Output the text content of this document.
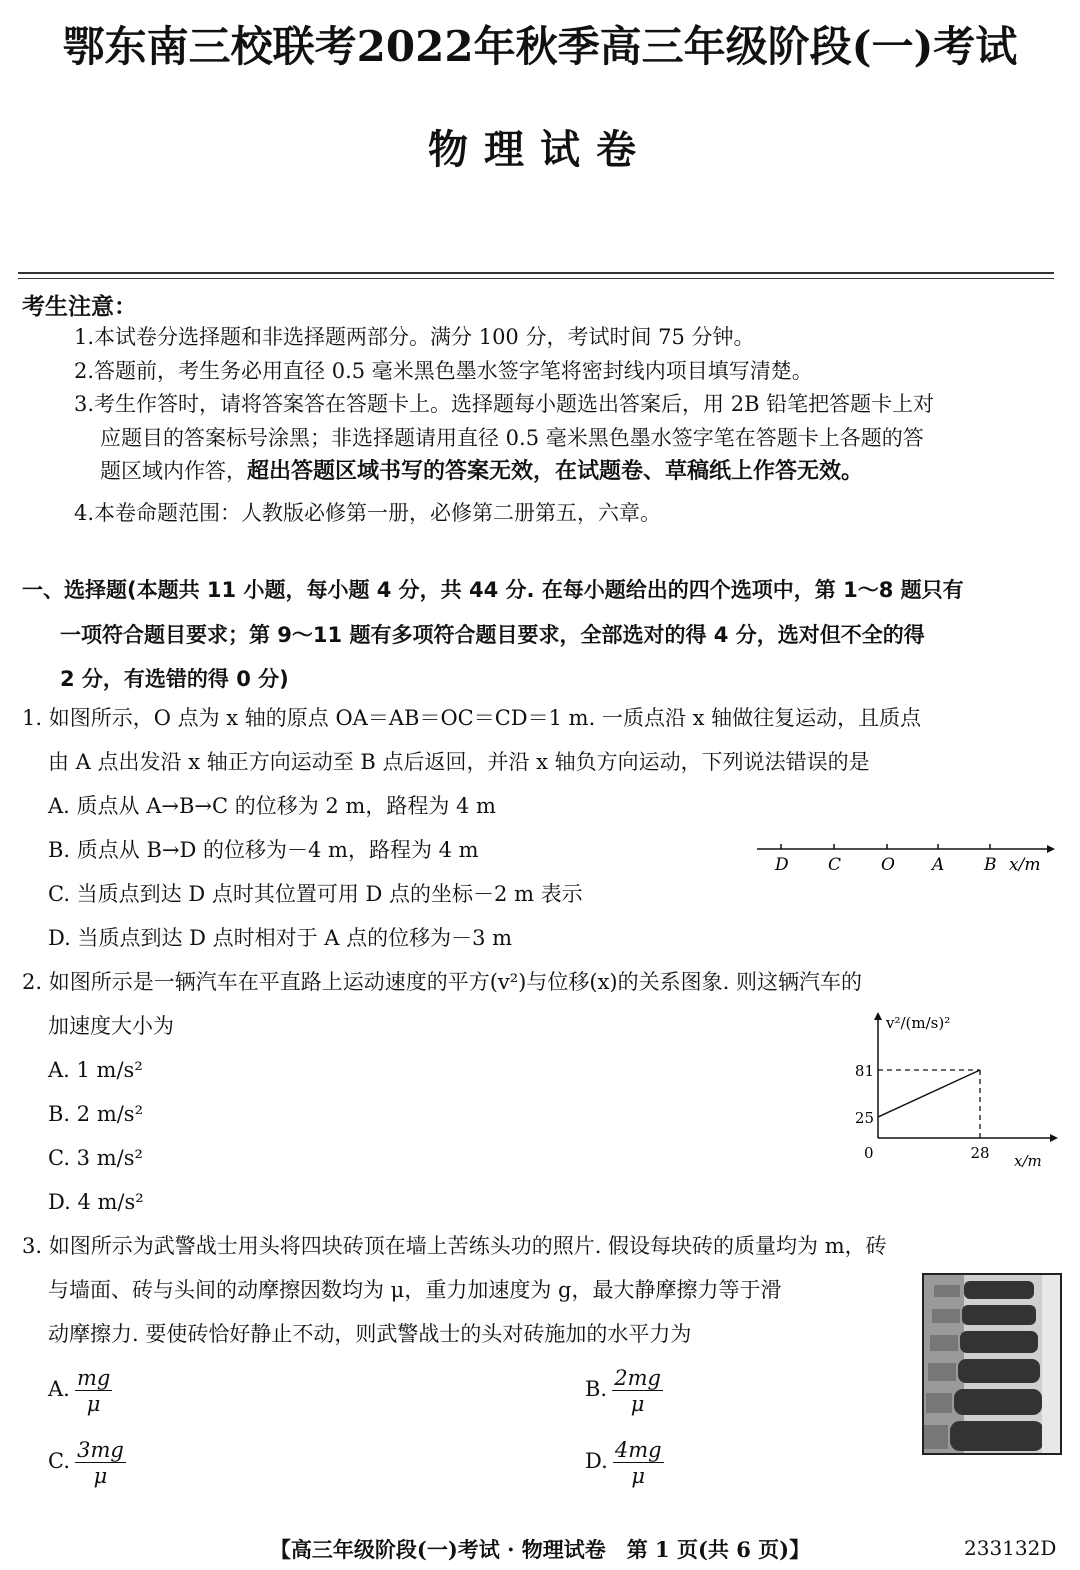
鄂东南三校联考2022年秋季高三年级阶段(一)考试
物理试卷
考生注意：
1.本试卷分选择题和非选择题两部分。满分 100 分，考试时间 75 分钟。
2.答题前，考生务必用直径 0.5 毫米黑色墨水签字笔将密封线内项目填写清楚。
3.考生作答时，请将答案答在答题卡上。选择题每小题选出答案后，用 2B 铅笔把答题卡上对
应题目的答案标号涂黑；非选择题请用直径 0.5 毫米黑色墨水签字笔在答题卡上各题的答
题区域内作答，超出答题区域书写的答案无效，在试题卷、草稿纸上作答无效。
4.本卷命题范围：人教版必修第一册，必修第二册第五，六章。
一、选择题(本题共 11 小题，每小题 4 分，共 44 分. 在每小题给出的四个选项中，第 1～8 题只有
一项符合题目要求；第 9～11 题有多项符合题目要求，全部选对的得 4 分，选对但不全的得
2 分，有选错的得 0 分)
1. 如图所示，O 点为 x 轴的原点 OA＝AB＝OC＝CD＝1 m. 一质点沿 x 轴做往复运动，且质点
由 A 点出发沿 x 轴正方向运动至 B 点后返回，并沿 x 轴负方向运动，下列说法错误的是
A. 质点从 A→B→C 的位移为 2 m，路程为 4 m
B. 质点从 B→D 的位移为－4 m，路程为 4 m
C. 当质点到达 D 点时其位置可用 D 点的坐标－2 m 表示
D. 当质点到达 D 点时相对于 A 点的位移为－3 m
D C O A B x/m
2. 如图所示是一辆汽车在平直路上运动速度的平方(v²)与位移(x)的关系图象. 则这辆汽车的
加速度大小为
A. 1 m/s²
B. 2 m/s²
C. 3 m/s²
D. 4 m/s²
v²/(m/s)²
x/m
0
25
81
28
3. 如图所示为武警战士用头将四块砖顶在墙上苦练头功的照片. 假设每块砖的质量均为 m，砖
与墙面、砖与头间的动摩擦因数均为 μ，重力加速度为 g，最大静摩擦力等于滑
动摩擦力. 要使砖恰好静止不动，则武警战士的头对砖施加的水平力为
A. $\frac{mg}{\mu}$	B. $\frac{2mg}{\mu}$
C. $\frac{3mg}{\mu}$	D. $\frac{4mg}{\mu}$
【高三年级阶段(一)考试 · 物理试卷　第 1 页(共 6 页)】	233132D
